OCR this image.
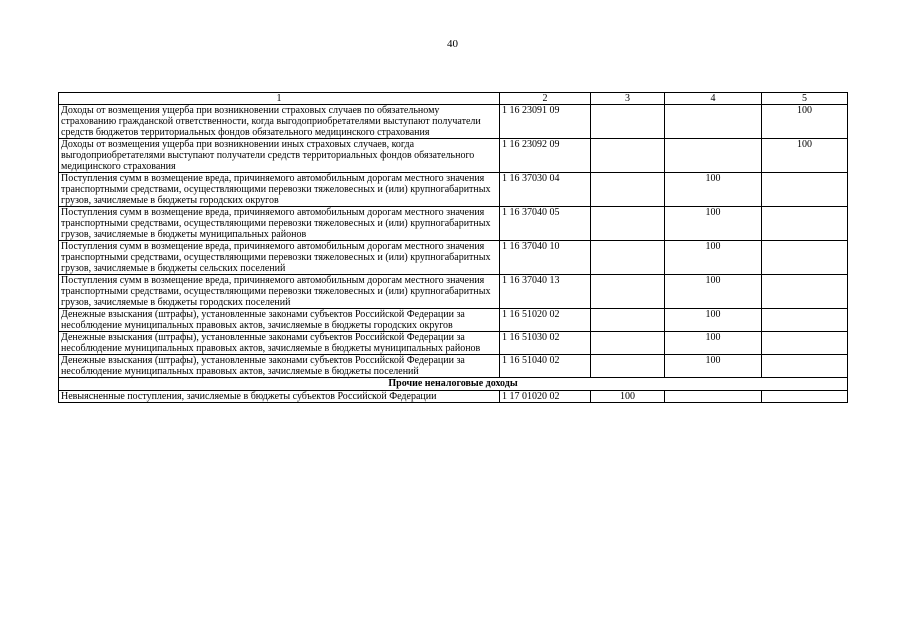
40
1	2	3	4	5
Доходы от возмещения ущерба при возникновении страховых случаев по обязательному страхованию гражданской ответственности, когда выгодоприобретателями выступают получатели средств бюджетов территориальных фондов обязательного медицинского страхования	1 16 23091 09			100
Доходы от возмещения ущерба при возникновении иных страховых случаев, когда выгодоприобретателями выступают получатели средств территориальных фондов обязательного медицинского страхования	1 16 23092 09			100
Поступления сумм в возмещение вреда, причиняемого автомобильным дорогам местного значения транспортными средствами, осуществляющими перевозки тяжеловесных и (или) крупногабаритных грузов, зачисляемые в бюджеты городских округов	1 16 37030 04		100	
Поступления сумм в возмещение вреда, причиняемого автомобильным дорогам местного значения транспортными средствами, осуществляющими перевозки тяжеловесных и (или) крупногабаритных грузов, зачисляемые в бюджеты муниципальных районов	1 16 37040 05		100	
Поступления сумм в возмещение вреда, причиняемого автомобильным дорогам местного значения транспортными средствами, осуществляющими перевозки тяжеловесных и (или) крупногабаритных грузов, зачисляемые в бюджеты сельских поселений	1 16 37040 10		100	
Поступления сумм в возмещение вреда, причиняемого автомобильным дорогам местного значения транспортными средствами, осуществляющими перевозки тяжеловесных и (или) крупногабаритных грузов, зачисляемые в бюджеты городских поселений	1 16 37040 13		100	
Денежные взыскания (штрафы), установленные законами субъектов Российской Федерации за несоблюдение муниципальных правовых актов, зачисляемые в бюджеты городских округов	1 16 51020 02		100	
Денежные взыскания (штрафы), установленные законами субъектов Российской Федерации за несоблюдение муниципальных правовых актов, зачисляемые в бюджеты муниципальных районов	1 16 51030 02		100	
Денежные взыскания (штрафы), установленные законами субъектов Российской Федерации за несоблюдение муниципальных правовых актов, зачисляемые в бюджеты поселений	1 16 51040 02		100	
Прочие неналоговые доходы				
Невыясненные поступления, зачисляемые в бюджеты субъектов Российской Федерации	1 17 01020 02	100		
